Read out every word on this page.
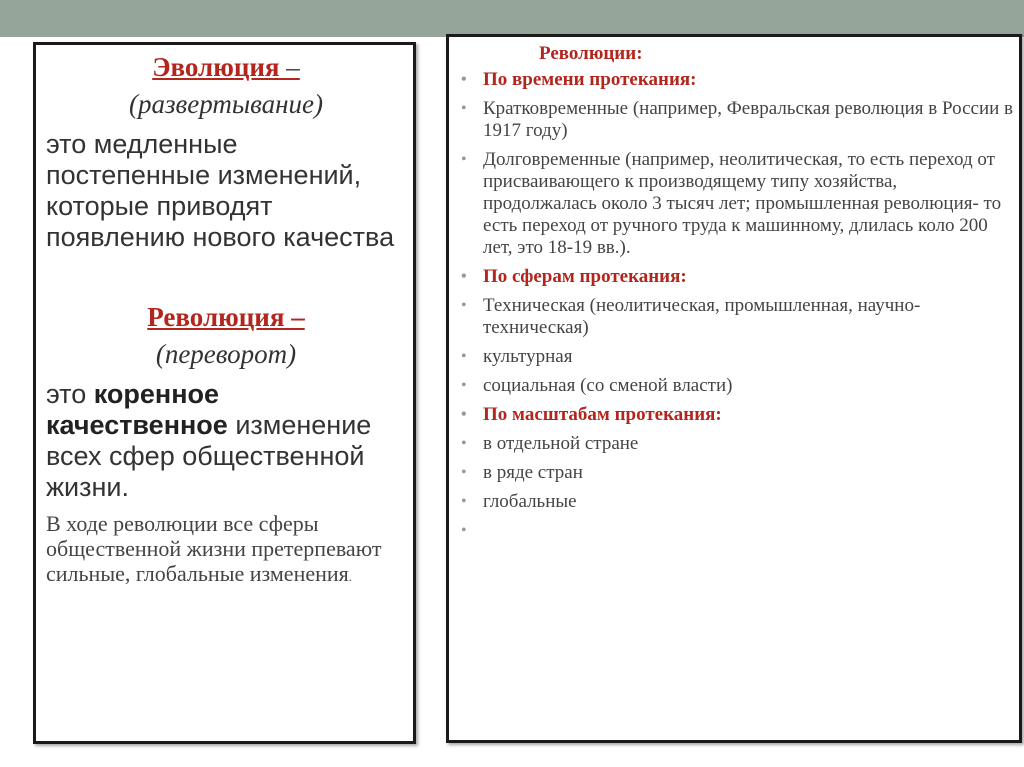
Эволюция –
(развертывание)
это медленные постепенные изменений, которые приводят появлению нового качества
Революция –
(переворот)
это коренное качественное изменение всех сфер общественной жизни.
В ходе революции все сферы общественной жизни претерпевают сильные, глобальные изменения.
Революции:
• По времени протекания:
• Кратковременные (например, Февральская революция в России в 1917 году)
• Долговременные (например, неолитическая, то есть переход от присваивающего к производящему типу хозяйства, продолжалась около 3 тысяч лет; промышленная революция- то есть переход от ручного труда к машинному, длилась коло 200 лет, это 18-19 вв.).
• По сферам протекания:
• Техническая (неолитическая, промышленная, научно- техническая)
• культурная
• социальная (со сменой власти)
• По масштабам протекания:
• в отдельной стране
• в ряде стран
• глобальные
•
